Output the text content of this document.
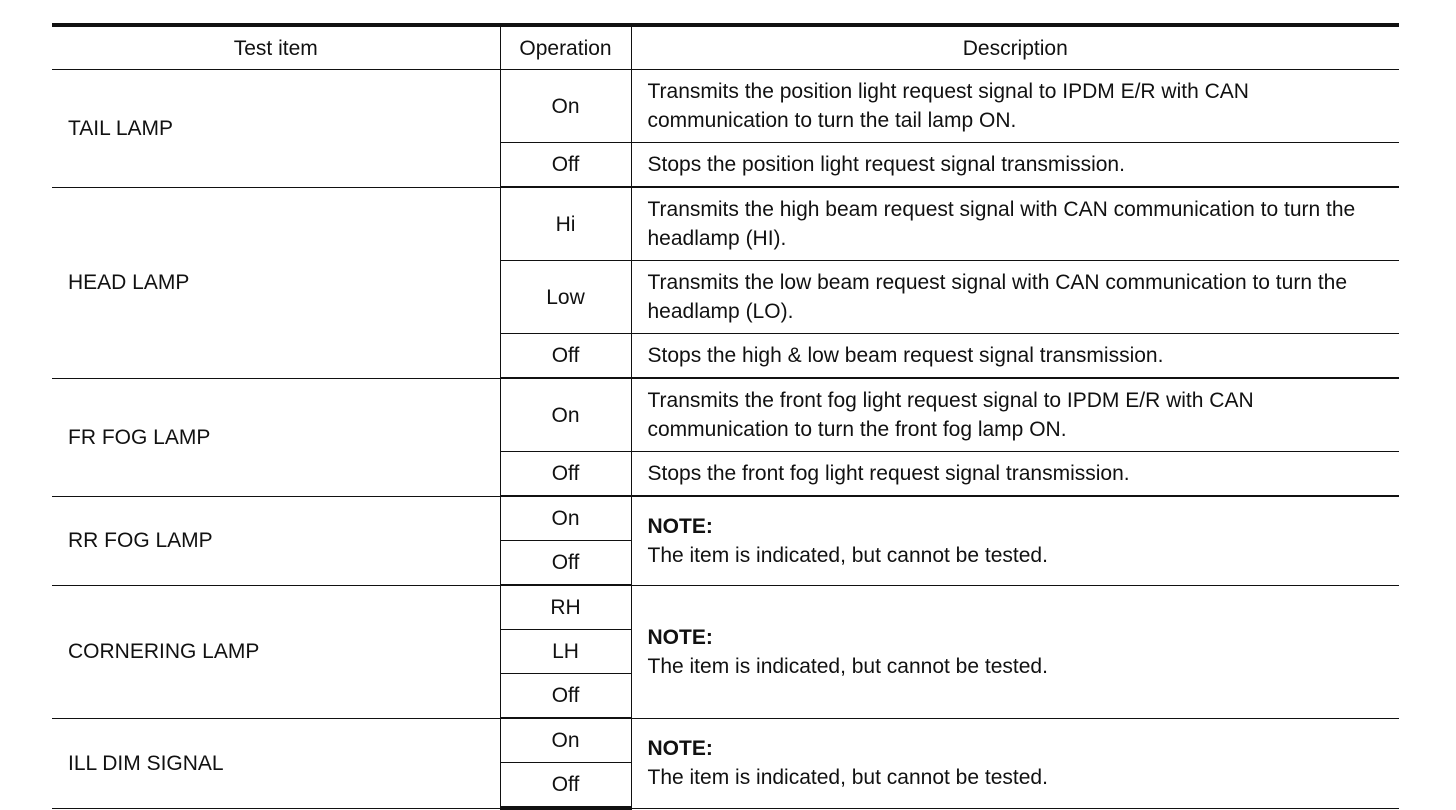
Test item	Operation	Description
TAIL LAMP	On	Transmits the position light request signal to IPDM E/R with CAN communication to turn the tail lamp ON.
	Off	Stops the position light request signal transmission.
HEAD LAMP	Hi	Transmits the high beam request signal with CAN communication to turn the headlamp (HI).
	Low	Transmits the low beam request signal with CAN communication to turn the headlamp (LO).
	Off	Stops the high & low beam request signal transmission.
FR FOG LAMP	On	Transmits the front fog light request signal to IPDM E/R with CAN communication to turn the front fog lamp ON.
	Off	Stops the front fog light request signal transmission.
RR FOG LAMP	On	NOTE:
The item is indicated, but cannot be tested.

	Off	
CORNERING LAMP	RH	NOTE:
The item is indicated, but cannot be tested.

	LH	
	Off	
ILL DIM SIGNAL	On	NOTE:
The item is indicated, but cannot be tested.

	Off	
